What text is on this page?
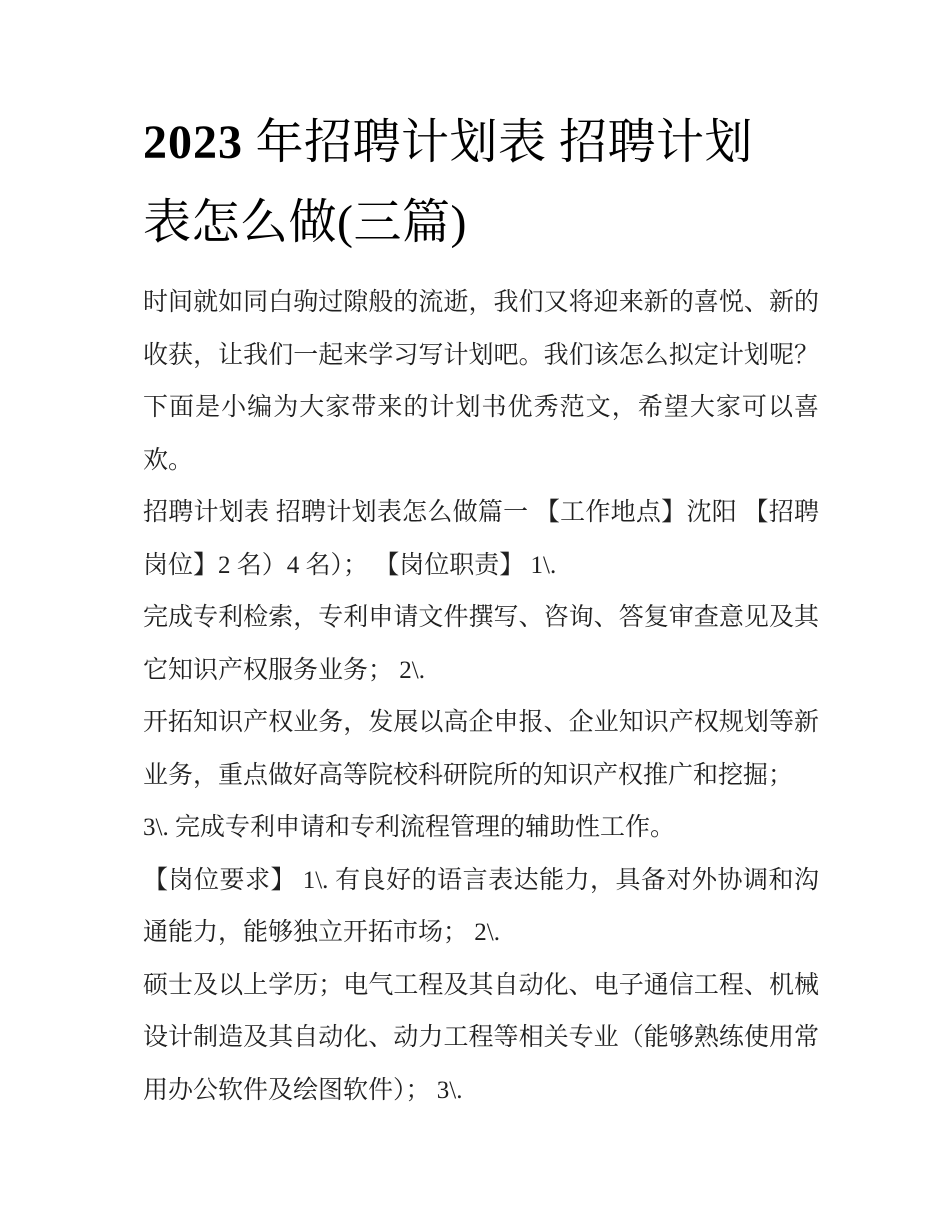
2023 年招聘计划表 招聘计划表怎么做(三篇)

时间就如同白驹过隙般的流逝，我们又将迎来新的喜悦、新的收获，让我们一起来学习写计划吧。我们该怎么拟定计划呢？下面是小编为大家带来的计划书优秀范文，希望大家可以喜欢。

招聘计划表 招聘计划表怎么做篇一 【工作地点】沈阳 【招聘岗位】2 名）4 名）； 【岗位职责】 1\.

完成专利检索，专利申请文件撰写、咨询、答复审查意见及其它知识产权服务业务； 2\.

开拓知识产权业务，发展以高企申报、企业知识产权规划等新业务，重点做好高等院校科研院所的知识产权推广和挖掘；

3\. 完成专利申请和专利流程管理的辅助性工作。

【岗位要求】 1\. 有良好的语言表达能力，具备对外协调和沟通能力，能够独立开拓市场； 2\.

硕士及以上学历；电气工程及其自动化、电子通信工程、机械设计制造及其自动化、动力工程等相关专业（能够熟练使用常用办公软件及绘图软件）； 3\.
